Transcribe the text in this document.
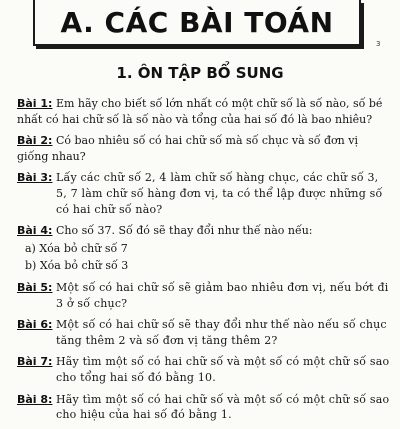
A. CÁC BÀI TOÁN
3
1. ÔN TẬP BỔ SUNG
Bài 1: Em hãy cho biết số lớn nhất có một chữ số là số nào, số bé nhất có hai chữ số là số nào và tổng của hai số đó là bao nhiêu?
Bài 2: Có bao nhiêu số có hai chữ số mà số chục và số đơn vị giống nhau?
Bài 3: Lấy các chữ số 2, 4 làm chữ số hàng chục, các chữ số 3, 5, 7 làm chữ số hàng đơn vị, ta có thể lập được những số có hai chữ số nào?
Bài 4: Cho số 37. Số đó sẽ thay đổi như thế nào nếu:
a) Xóa bỏ chữ số 7
b) Xóa bỏ chữ số 3
Bài 5: Một số có hai chữ số sẽ giảm bao nhiêu đơn vị, nếu bớt đi 3 ở số chục?
Bài 6: Một số có hai chữ số sẽ thay đổi như thế nào nếu số chục tăng thêm 2 và số đơn vị tăng thêm 2?
Bài 7: Hãy tìm một số có hai chữ số và một số có một chữ số sao cho tổng hai số đó bằng 10.
Bài 8: Hãy tìm một số có hai chữ số và một số có một chữ số sao cho hiệu của hai số đó bằng 1.
